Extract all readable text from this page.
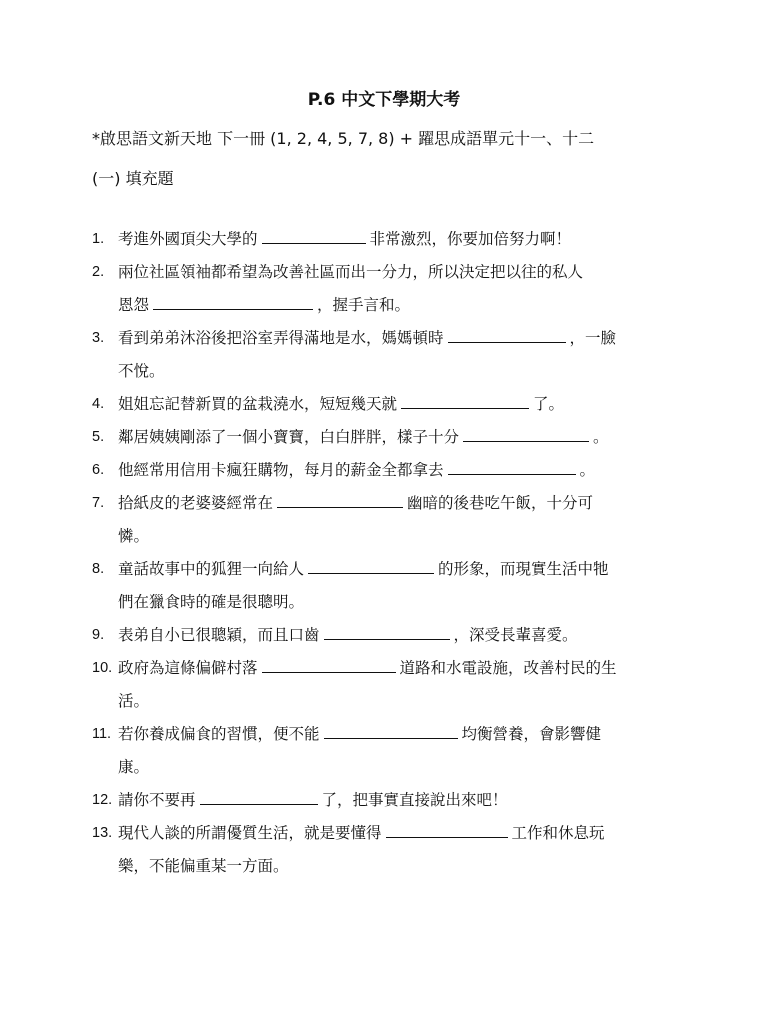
P.6 中文下學期大考
*啟思語文新天地 下一冊 (1, 2, 4, 5, 7, 8) + 躍思成語單元十一、十二
(一) 填充題
1. 考進外國頂尖大學的	非常激烈，你要加倍努力啊！
2. 兩位社區領袖都希望為改善社區而出一分力，所以決定把以往的私人
恩怨	，握手言和。
3. 看到弟弟沐浴後把浴室弄得滿地是水，媽媽頓時	，一臉
不悅。
4. 姐姐忘記替新買的盆栽澆水，短短幾天就	了。
5. 鄰居姨姨剛添了一個小寶寶，白白胖胖，樣子十分	。
6. 他經常用信用卡瘋狂購物，每月的薪金全都拿去	。
7. 拾紙皮的老婆婆經常在	幽暗的後巷吃午飯，十分可
憐。
8. 童話故事中的狐狸一向給人	的形象，而現實生活中牠
們在獵食時的確是很聰明。
9. 表弟自小已很聰穎，而且口齒	，深受長輩喜愛。
10. 政府為這條偏僻村落	道路和水電設施，改善村民的生
活。
11. 若你養成偏食的習慣，便不能	均衡營養，會影響健
康。
12. 請你不要再	了，把事實直接說出來吧！
13. 現代人談的所謂優質生活，就是要懂得	工作和休息玩
樂，不能偏重某一方面。
